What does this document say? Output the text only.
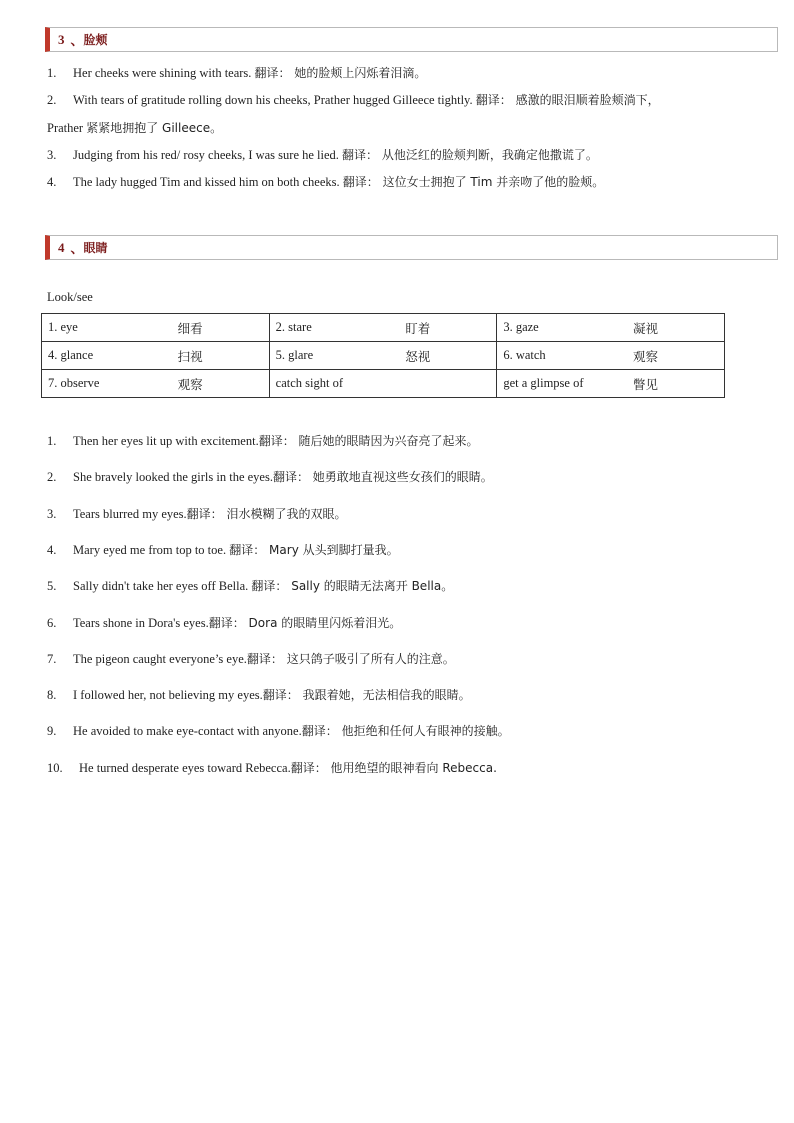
3 、 脸颊
1. Her cheeks were shining with tears. 翻译： 她的脸颊上闪烁着泪滴。
2. With tears of gratitude rolling down his cheeks, Prather hugged Gilleece tightly. 翻译： 感激的眼泪顺着脸颊淌下，
Prather 紧紧地拥抱了 Gilleece。
3. Judging from his red/ rosy cheeks, I was sure he lied. 翻译： 从他泛红的脸颊判断，我确定他撒谎了。
4. The lady hugged Tim and kissed him on both cheeks. 翻译： 这位女士拥抱了 Tim 并亲吻了他的脸颊。
4 、 眼睛
Look/see
1. eye 细看	2. stare 盯着	3. gaze 凝视

4. glance 扫视	5. glare 怒视	6. watch 观察

7. observe 观察	catch sight of	get a glimpse of 瞥见
1. Then her eyes lit up with excitement.翻译： 随后她的眼睛因为兴奋亮了起来。
2. She bravely looked the girls in the eyes.翻译： 她勇敢地直视这些女孩们的眼睛。
3. Tears blurred my eyes.翻译： 泪水模糊了我的双眼。
4. Mary eyed me from top to toe. 翻译： Mary 从头到脚打量我。
5. Sally didn't take her eyes off Bella. 翻译： Sally 的眼睛无法离开 Bella。
6. Tears shone in Dora's eyes.翻译： Dora 的眼睛里闪烁着泪光。
7. The pigeon caught everyone’s eye.翻译： 这只鸽子吸引了所有人的注意。
8. I followed her, not believing my eyes.翻译： 我跟着她，无法相信我的眼睛。
9. He avoided to make eye-contact with anyone.翻译： 他拒绝和任何人有眼神的接触。
10. He turned desperate eyes toward Rebecca.翻译： 他用绝望的眼神看向 Rebecca.
